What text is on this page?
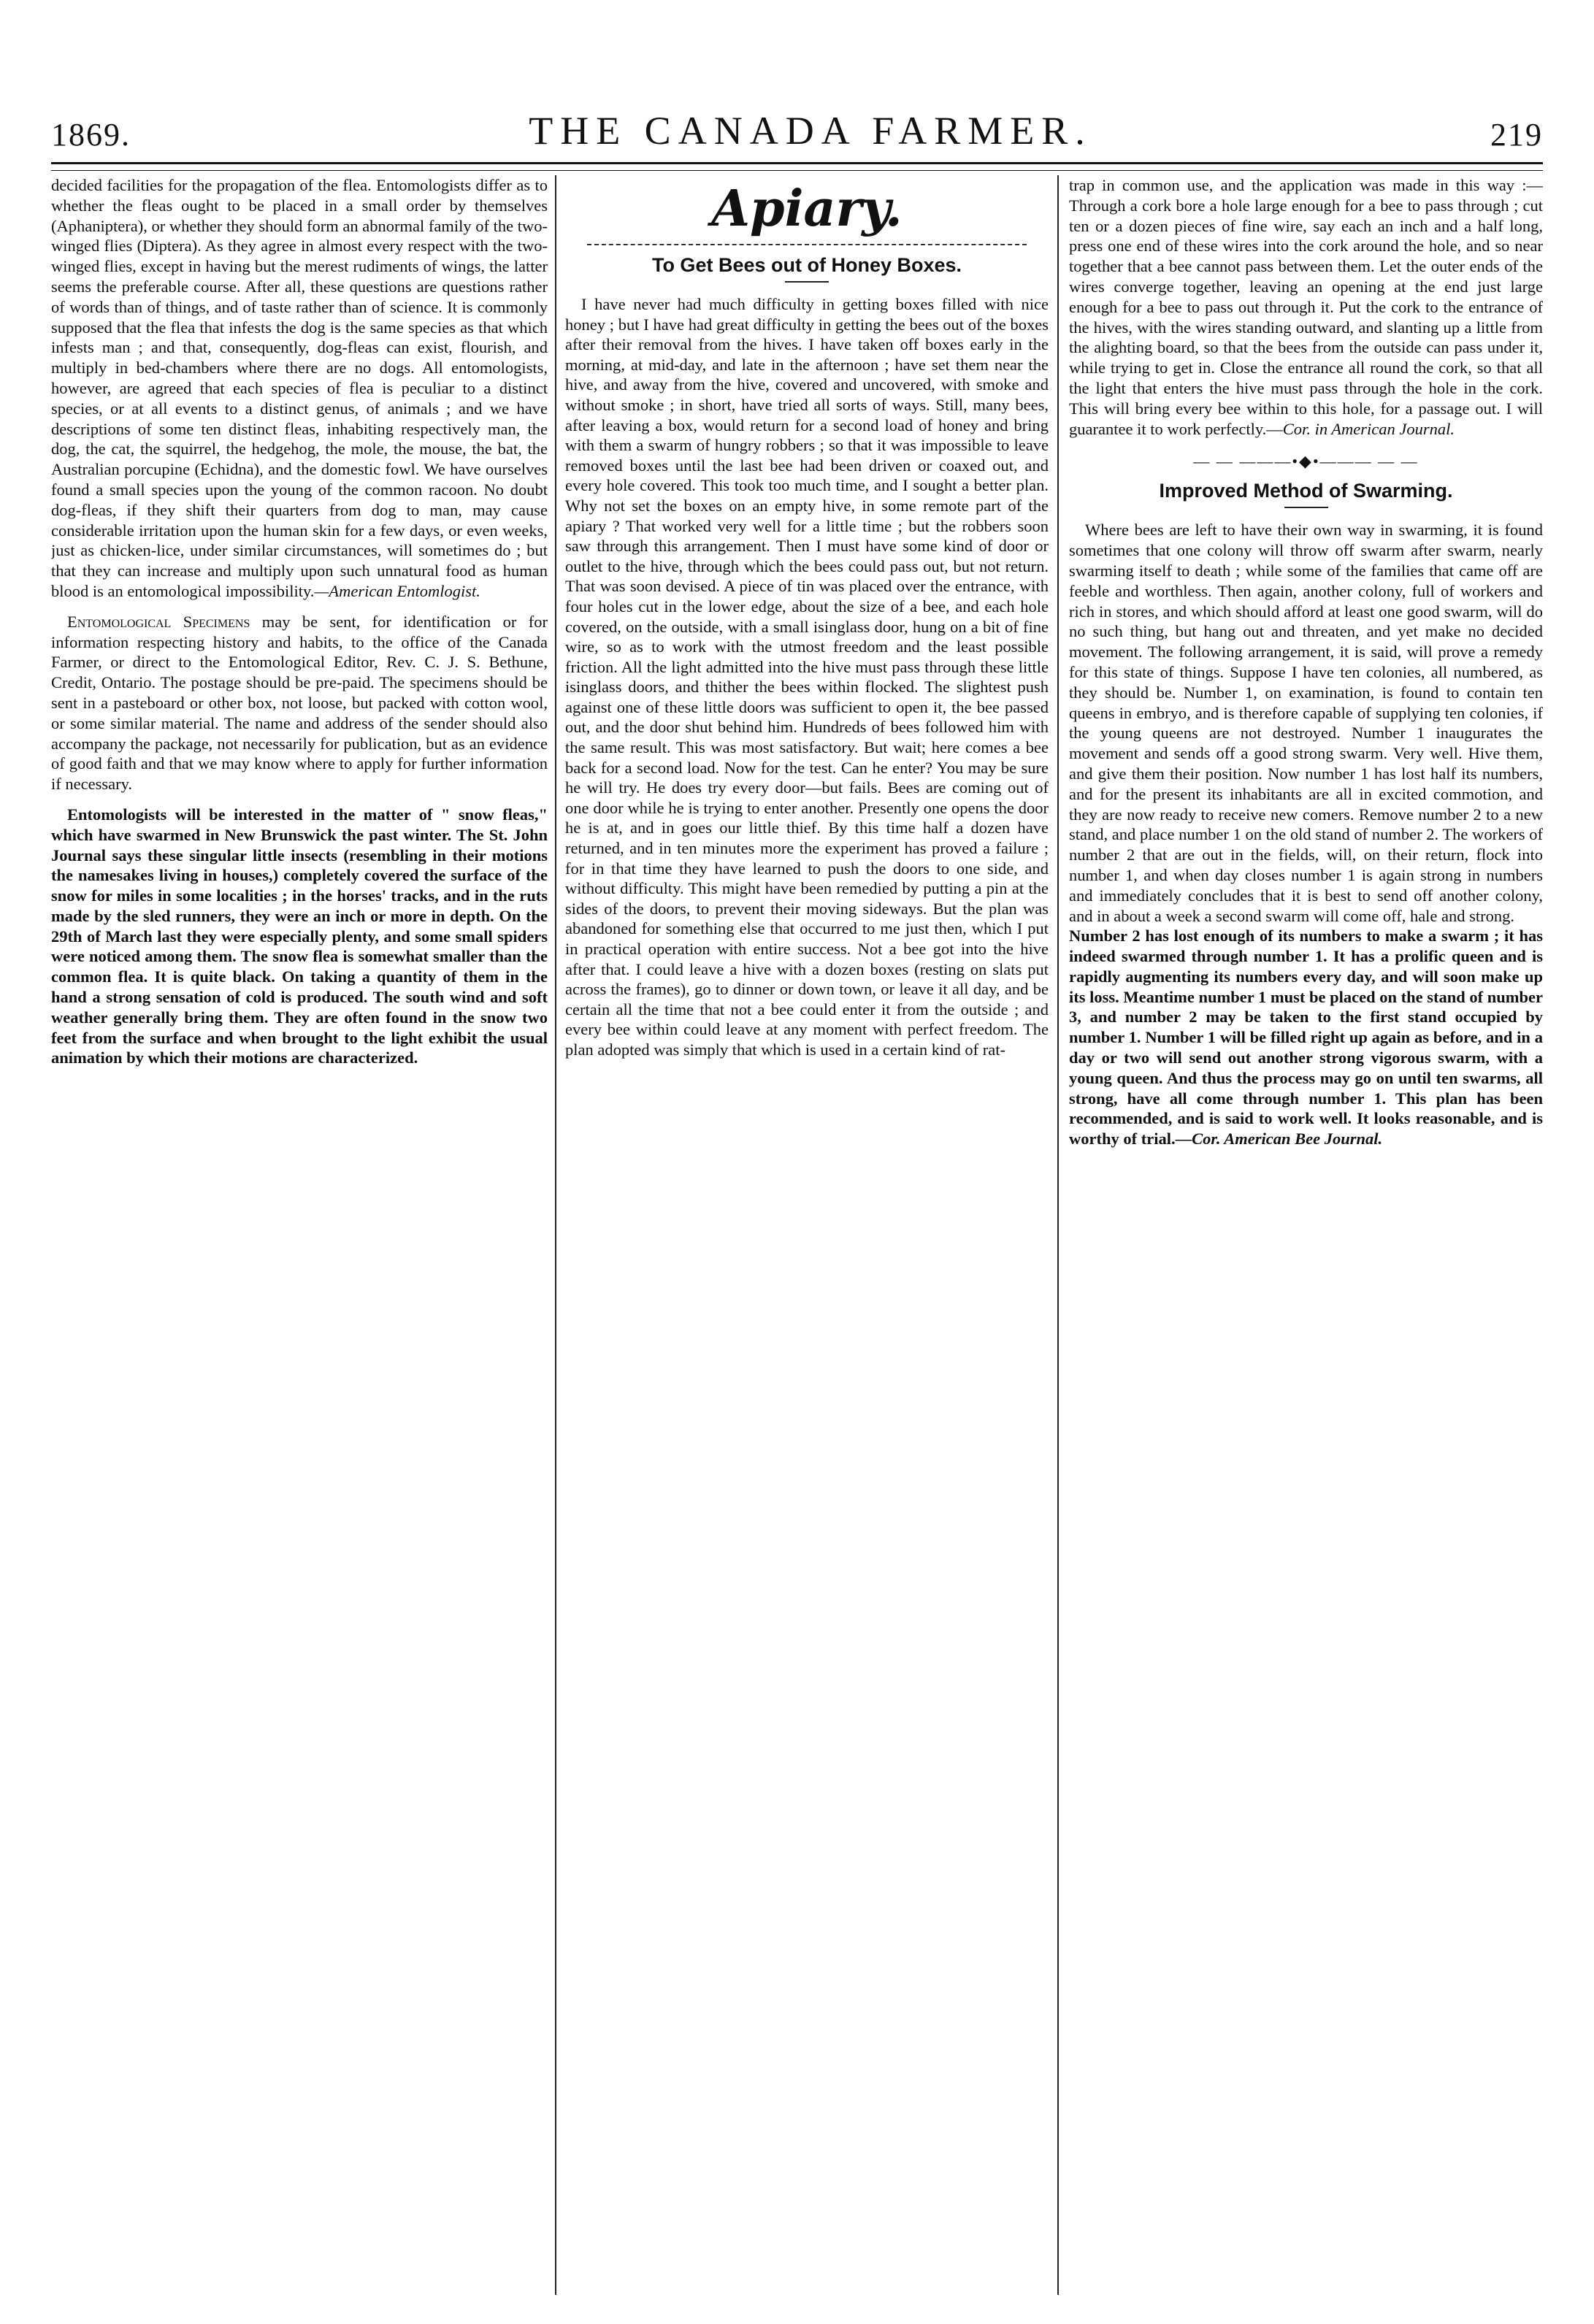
1869.	THE CANADA FARMER.	219

decided facilities for the propagation of the flea. Entomologists differ as to whether the fleas ought to be placed in a small order by themselves (Aphaniptera), or whether they should form an abnormal family of the two-winged flies (Diptera). As they agree in almost every respect with the two-winged flies, except in having but the merest rudiments of wings, the latter seems the preferable course. After all, these questions are questions rather of words than of things, and of taste rather than of science. It is commonly supposed that the flea that infests the dog is the same species as that which infests man ; and that, consequently, dog-fleas can exist, flourish, and multiply in bed-chambers where there are no dogs. All entomologists, however, are agreed that each species of flea is peculiar to a distinct species, or at all events to a distinct genus, of animals ; and we have descriptions of some ten distinct fleas, inhabiting respectively man, the dog, the cat, the squirrel, the hedgehog, the mole, the mouse, the bat, the Australian porcupine (Echidna), and the domestic fowl. We have ourselves found a small species upon the young of the common racoon. No doubt dog-fleas, if they shift their quarters from dog to man, may cause considerable irritation upon the human skin for a few days, or even weeks, just as chicken-lice, under similar circumstances, will sometimes do ; but that they can increase and multiply upon such unnatural food as human blood is an entomological impossibility.—American Entomlogist.

Entomological Specimens may be sent, for identification or for information respecting history and habits, to the office of the Canada Farmer, or direct to the Entomological Editor, Rev. C. J. S. Bethune, Credit, Ontario. The postage should be pre-paid. The specimens should be sent in a pasteboard or other box, not loose, but packed with cotton wool, or some similar material. The name and address of the sender should also accompany the package, not necessarily for publication, but as an evidence of good faith and that we may know where to apply for further information if necessary.

Entomologists will be interested in the matter of " snow fleas," which have swarmed in New Brunswick the past winter. The St. John Journal says these singular little insects (resembling in their motions the namesakes living in houses,) completely covered the surface of the snow for miles in some localities ; in the horses' tracks, and in the ruts made by the sled runners, they were an inch or more in depth. On the 29th of March last they were especially plenty, and some small spiders were noticed among them. The snow flea is somewhat smaller than the common flea. It is quite black. On taking a quantity of them in the hand a strong sensation of cold is produced. The south wind and soft weather generally bring them. They are often found in the snow two feet from the surface and when brought to the light exhibit the usual animation by which their motions are characterized.

Apiary.
To Get Bees out of Honey Boxes.

I have never had much difficulty in getting boxes filled with nice honey ; but I have had great difficulty in getting the bees out of the boxes after their removal from the hives. I have taken off boxes early in the morning, at mid-day, and late in the afternoon ; have set them near the hive, and away from the hive, covered and uncovered, with smoke and without smoke ; in short, have tried all sorts of ways. Still, many bees, after leaving a box, would return for a second load of honey and bring with them a swarm of hungry robbers ; so that it was impossible to leave removed boxes until the last bee had been driven or coaxed out, and every hole covered. This took too much time, and I sought a better plan. Why not set the boxes on an empty hive, in some remote part of the apiary ? That worked very well for a little time ; but the robbers soon saw through this arrangement. Then I must have some kind of door or outlet to the hive, through which the bees could pass out, but not return. That was soon devised. A piece of tin was placed over the entrance, with four holes cut in the lower edge, about the size of a bee, and each hole covered, on the outside, with a small isinglass door, hung on a bit of fine wire, so as to work with the utmost freedom and the least possible friction. All the light admitted into the hive must pass through these little isinglass doors, and thither the bees within flocked. The slightest push against one of these little doors was sufficient to open it, the bee passed out, and the door shut behind him. Hundreds of bees followed him with the same result. This was most satisfactory. But wait; here comes a bee back for a second load. Now for the test. Can he enter? You may be sure he will try. He does try every door—but fails. Bees are coming out of one door while he is trying to enter another. Presently one opens the door he is at, and in goes our little thief. By this time half a dozen have returned, and in ten minutes more the experiment has proved a failure ; for in that time they have learned to push the doors to one side, and without difficulty. This might have been remedied by putting a pin at the sides of the doors, to prevent their moving sideways. But the plan was abandoned for something else that occurred to me just then, which I put in practical operation with entire success. Not a bee got into the hive after that. I could leave a hive with a dozen boxes (resting on slats put across the frames), go to dinner or down town, or leave it all day, and be certain all the time that not a bee could enter it from the outside ; and every bee within could leave at any moment with perfect freedom. The plan adopted was simply that which is used in a certain kind of rat-

trap in common use, and the application was made in this way :—Through a cork bore a hole large enough for a bee to pass through ; cut ten or a dozen pieces of fine wire, say each an inch and a half long, press one end of these wires into the cork around the hole, and so near together that a bee cannot pass between them. Let the outer ends of the wires converge together, leaving an opening at the end just large enough for a bee to pass out through it. Put the cork to the entrance of the hives, with the wires standing outward, and slanting up a little from the alighting board, so that the bees from the outside can pass under it, while trying to get in. Close the entrance all round the cork, so that all the light that enters the hive must pass through the hole in the cork. This will bring every bee within to this hole, for a passage out. I will guarantee it to work perfectly.—Cor. in American Journal.

— — ———•◆•——— — —
Improved Method of Swarming.

Where bees are left to have their own way in swarming, it is found sometimes that one colony will throw off swarm after swarm, nearly swarming itself to death ; while some of the families that came off are feeble and worthless. Then again, another colony, full of workers and rich in stores, and which should afford at least one good swarm, will do no such thing, but hang out and threaten, and yet make no decided movement. The following arrangement, it is said, will prove a remedy for this state of things. Suppose I have ten colonies, all numbered, as they should be. Number 1, on examination, is found to contain ten queens in embryo, and is therefore capable of supplying ten colonies, if the young queens are not destroyed. Number 1 inaugurates the movement and sends off a good strong swarm. Very well. Hive them, and give them their position. Now number 1 has lost half its numbers, and for the present its inhabitants are all in excited commotion, and they are now ready to receive new comers. Remove number 2 to a new stand, and place number 1 on the old stand of number 2. The workers of number 2 that are out in the fields, will, on their return, flock into number 1, and when day closes number 1 is again strong in numbers and immediately concludes that it is best to send off another colony, and in about a week a second swarm will come off, hale and strong.

Number 2 has lost enough of its numbers to make a swarm ; it has indeed swarmed through number 1. It has a prolific queen and is rapidly augmenting its numbers every day, and will soon make up its loss. Meantime number 1 must be placed on the stand of number 3, and number 2 may be taken to the first stand occupied by number 1. Number 1 will be filled right up again as before, and in a day or two will send out another strong vigorous swarm, with a young queen. And thus the process may go on until ten swarms, all strong, have all come through number 1. This plan has been recommended, and is said to work well. It looks reasonable, and is worthy of trial.—Cor. American Bee Journal.
